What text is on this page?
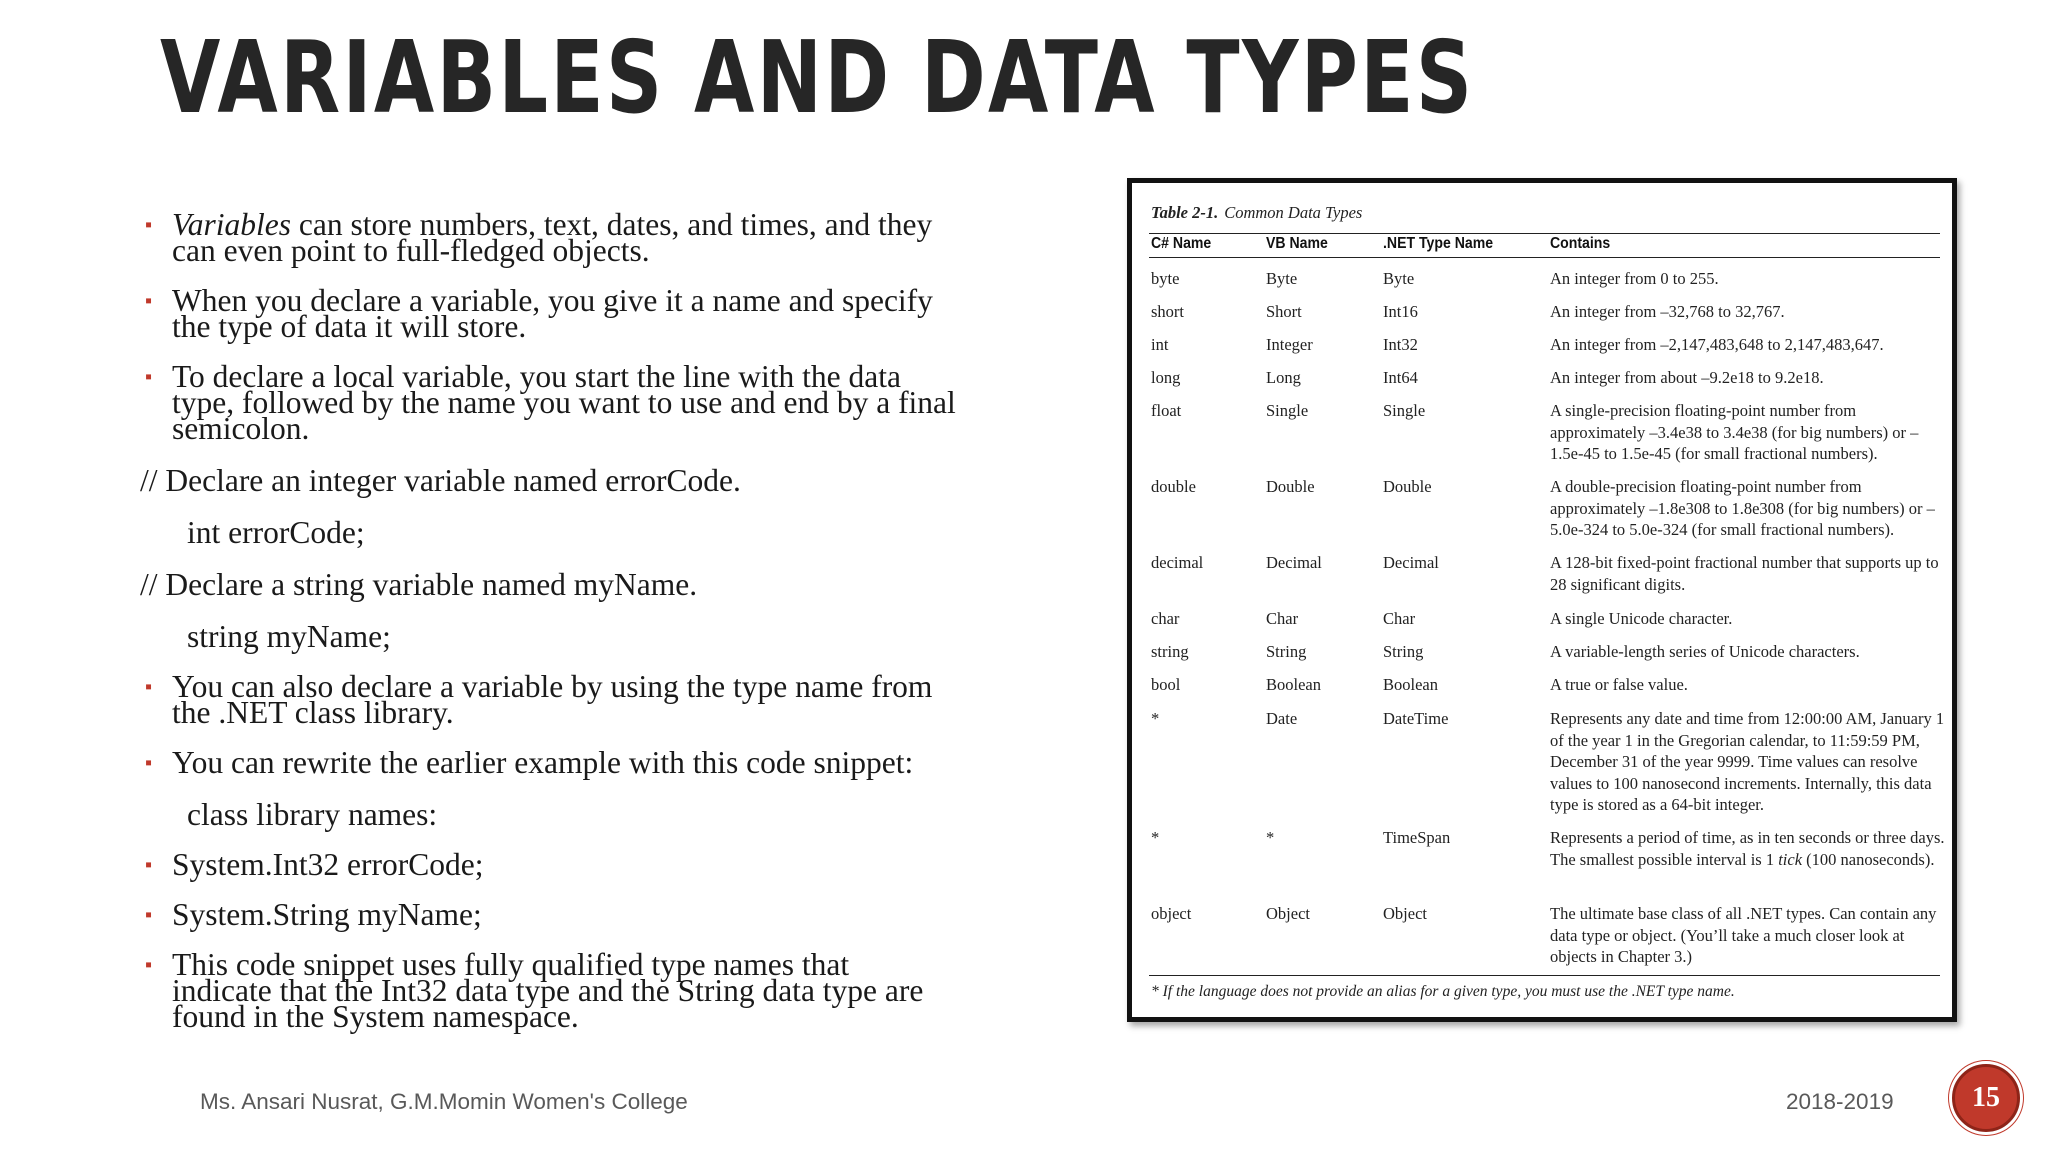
VARIABLES AND DATA TYPES
▪ Variables can store numbers, text, dates, and times, and they
can even point to full-fledged objects.
▪ When you declare a variable, you give it a name and specify
the type of data it will store.
▪ To declare a local variable, you start the line with the data
type, followed by the name you want to use and end by a final
semicolon.
// Declare an integer variable named errorCode.
int errorCode;
// Declare a string variable named myName.
string myName;
▪ You can also declare a variable by using the type name from
the .NET class library.
▪ You can rewrite the earlier example with this code snippet:
class library names:
▪ System.Int32 errorCode;
▪ System.String myName;
▪ This code snippet uses fully qualified type names that
indicate that the Int32 data type and the String data type are
found in the System namespace.
Table 2-1. Common Data Types
C# Name	VB Name	.NET Type Name	Contains
byte	Byte	Byte	An integer from 0 to 255.
short	Short	Int16	An integer from –32,768 to 32,767.
int	Integer	Int32	An integer from –2,147,483,648 to 2,147,483,647.
long	Long	Int64	An integer from about –9.2e18 to 9.2e18.
float	Single	Single	A single-precision floating-point number from approximately –3.4e38 to 3.4e38 (for big numbers) or –1.5e-45 to 1.5e-45 (for small fractional numbers).
double	Double	Double	A double-precision floating-point number from approximately –1.8e308 to 1.8e308 (for big numbers) or –5.0e-324 to 5.0e-324 (for small fractional numbers).
decimal	Decimal	Decimal	A 128-bit fixed-point fractional number that supports up to 28 significant digits.
char	Char	Char	A single Unicode character.
string	String	String	A variable-length series of Unicode characters.
bool	Boolean	Boolean	A true or false value.
*	Date	DateTime	Represents any date and time from 12:00:00 AM, January 1 of the year 1 in the Gregorian calendar, to 11:59:59 PM, December 31 of the year 9999. Time values can resolve values to 100 nanosecond increments. Internally, this data type is stored as a 64-bit integer.
*	*	TimeSpan	Represents a period of time, as in ten seconds or three days. The smallest possible interval is 1 tick (100 nanoseconds).
object	Object	Object	The ultimate base class of all .NET types. Can contain any data type or object. (You’ll take a much closer look at objects in Chapter 3.)
* If the language does not provide an alias for a given type, you must use the .NET type name.
Ms. Ansari Nusrat, G.M.Momin Women's College	2018-2019	15
